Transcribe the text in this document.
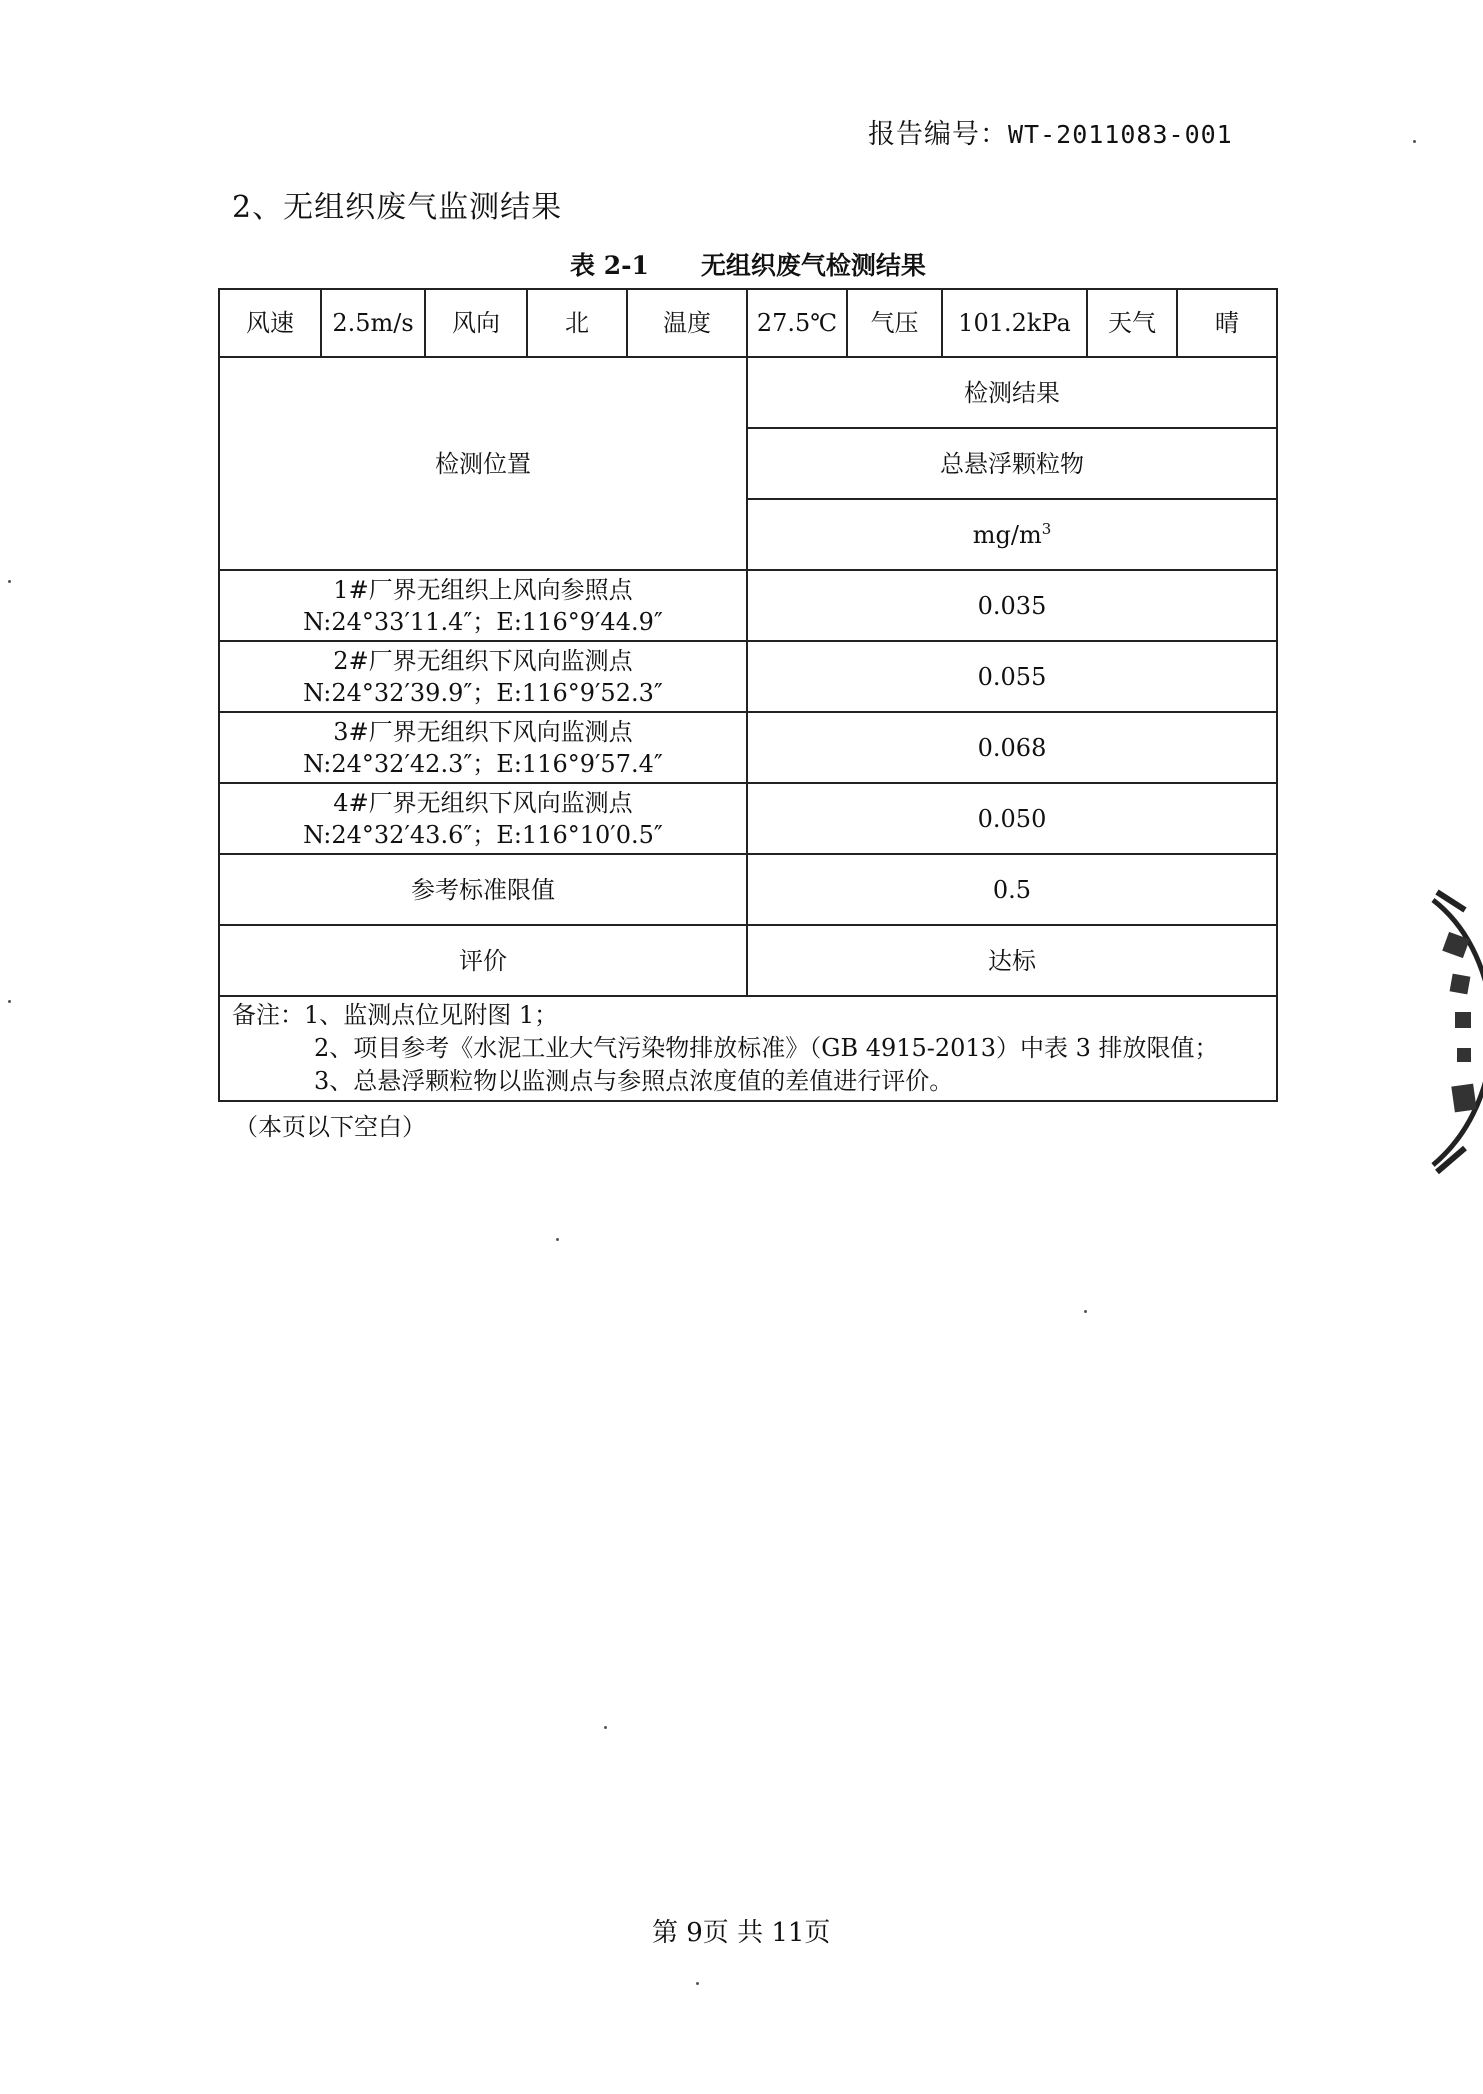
报告编号：WT-2011083-001
2、无组织废气监测结果
表 2-1 无组织废气检测结果
风速	2.5m/s	风向	北	温度	27.5℃	气压	101.2kPa	天气	晴
检测位置					检测结果				
					总悬浮颗粒物				
					$mg/m^3$

1#厂界无组织上风向参照点
N:24°33′11.4″；E:116°9′44.9″					0.035				

2#厂界无组织下风向监测点
N:24°32′39.9″；E:116°9′52.3″					0.055				

3#厂界无组织下风向监测点
N:24°32′42.3″；E:116°9′57.4″					0.068				

4#厂界无组织下风向监测点
N:24°32′43.6″；E:116°10′0.5″					0.050				
参考标准限值					0.5				
评价					达标				

备注：1、监测点位见附图 1；
2、项目参考《水泥工业大气污染物排放标准》（GB 4915-2013）中表 3 排放限值；
3、总悬浮颗粒物以监测点与参照点浓度值的差值进行评价。									
（本页以下空白）
第 9页 共 11页
